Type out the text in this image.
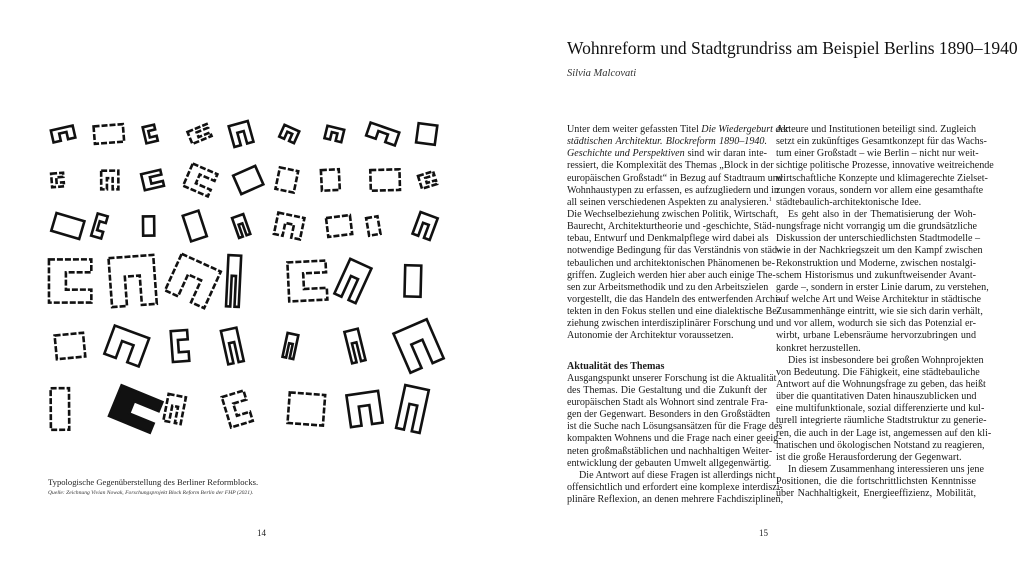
Typologische Gegenüberstellung des Berliner Reformblocks.
Quelle: Zeichnung Vivian Nowak, Forschungsprojekt Block Reform Berlin der FHP (2021).
14
Wohnreform und Stadtgrundriss am Beispiel Berlins 1890–1940
Silvia Malcovati
Unter dem weiter gefassten Titel Die Wiedergeburt der
städtischen Architektur. Blockreform 1890–1940.
Geschichte und Perspektiven sind wir daran inte-
ressiert, die Komplexität des Themas „Block in der
europäischen Großstadt“ in Bezug auf Stadtraum und
Wohnhaustypen zu erfassen, es aufzugliedern und in
all seinen verschiedenen Aspekten zu analysieren.$^1$
Die Wechselbeziehung zwischen Politik, Wirtschaft,
Baurecht, Architekturtheorie und -geschichte, Städ-
tebau, Entwurf und Denkmalpflege wird dabei als
notwendige Bedingung für das Verständnis von städ-
tebaulichen und architektonischen Phänomenen be-
griffen. Zugleich werden hier aber auch einige The-
sen zur Arbeitsmethodik und zu den Arbeitszielen
vorgestellt, die das Handeln des entwerfenden Archi-
tekten in den Fokus stellen und eine dialektische Be-
ziehung zwischen interdisziplinärer Forschung und
Autonomie der Architektur voraussetzen.
Aktualität des Themas
Ausgangspunkt unserer Forschung ist die Aktualität
des Themas. Die Gestaltung und die Zukunft der
europäischen Stadt als Wohnort sind zentrale Fra-
gen der Gegenwart. Besonders in den Großstädten
ist die Suche nach Lösungsansätzen für die Frage des
kompakten Wohnens und die Frage nach einer geeig-
neten großmaßstäblichen und nachhaltigen Weiter-
entwicklung der gebauten Umwelt allgegenwärtig.
Die Antwort auf diese Fragen ist allerdings nicht
offensichtlich und erfordert eine komplexe interdiszi-
plinäre Reflexion, an denen mehrere Fachdisziplinen,
Akteure und Institutionen beteiligt sind. Zugleich
setzt ein zukünftiges Gesamtkonzept für das Wachs-
tum einer Großstadt – wie Berlin – nicht nur weit-
sichtige politische Prozesse, innovative weitreichende
wirtschaftliche Konzepte und klimagerechte Zielset-
zungen voraus, sondern vor allem eine gesamthafte
städtebaulich-architektonische Idee.
Es geht also in der Thematisierung der Woh-
nungsfrage nicht vorrangig um die grundsätzliche
Diskussion der unterschiedlichsten Stadtmodelle –
wie in der Nachkriegszeit um den Kampf zwischen
Rekonstruktion und Moderne, zwischen nostalgi-
schem Historismus und zukunftweisender Avant-
garde –, sondern in erster Linie darum, zu verstehen,
auf welche Art und Weise Architektur in städtische
Zusammenhänge eintritt, wie sie sich darin verhält,
und vor allem, wodurch sie sich das Potenzial er-
wirbt, urbane Lebensräume hervorzubringen und
konkret herzustellen.
Dies ist insbesondere bei großen Wohnprojekten
von Bedeutung. Die Fähigkeit, eine städtebauliche
Antwort auf die Wohnungsfrage zu geben, das heißt
über die quantitativen Daten hinauszublicken und
eine multifunktionale, sozial differenzierte und kul-
turell integrierte räumliche Stadtstruktur zu generie-
ren, die auch in der Lage ist, angemessen auf den kli-
matischen und ökologischen Notstand zu reagieren,
ist die große Herausforderung der Gegenwart.
In diesem Zusammenhang interessieren uns jene
Positionen, die die fortschrittlichsten Kenntnisse
über Nachhaltigkeit, Energieeffizienz, Mobilität,
15
